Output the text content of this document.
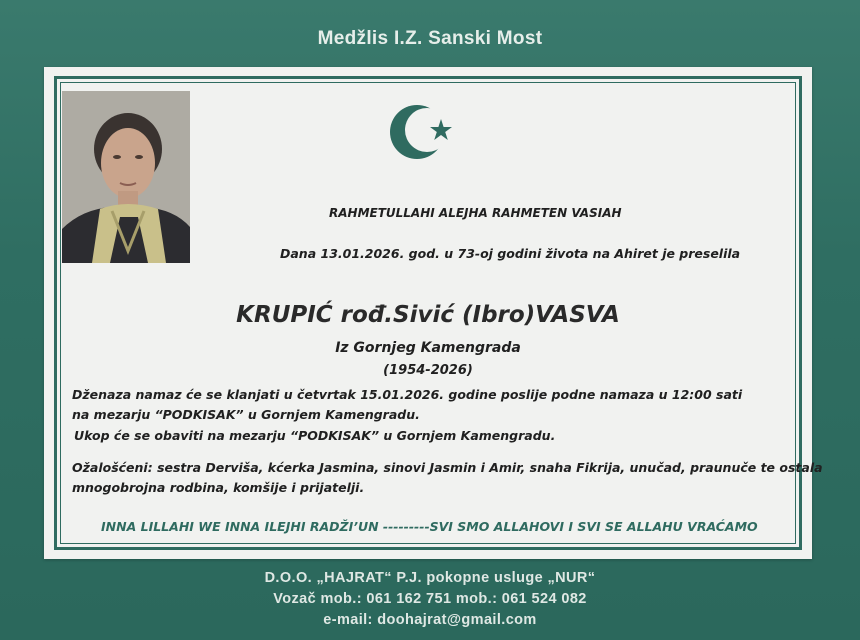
Medžlis I.Z. Sanski Most
RAHMETULLAHI ALEJHA RAHMETEN VASIAH
Dana 13.01.2026. god. u 73-oj godini života na Ahiret je preselila
KRUPIĆ rođ.Sivić (Ibro)VASVA
Iz Gornjeg Kamengrada
(1954-2026)
Dženaza namaz će se klanjati u četvrtak 15.01.2026. godine poslije podne namaza u 12:00 sati
na mezarju “PODKISAK” u Gornjem Kamengradu.
Ukop će se obaviti na mezarju “PODKISAK” u Gornjem Kamengradu.
Ožalošćeni: sestra Derviša, kćerka Jasmina, sinovi Jasmin i Amir, snaha Fikrija, unučad, praunuče te ostala
mnogobrojna rodbina, komšije i prijatelji.
INNA LILLAHI WE INNA ILEJHI RADŽI’UN ---------SVI SMO ALLAHOVI I SVI SE ALLAHU VRAĆAMO
D.O.O. „HAJRAT“ P.J. pokopne usluge „NUR“
Vozač mob.: 061 162 751 mob.: 061 524 082
e-mail: doohajrat@gmail.com
